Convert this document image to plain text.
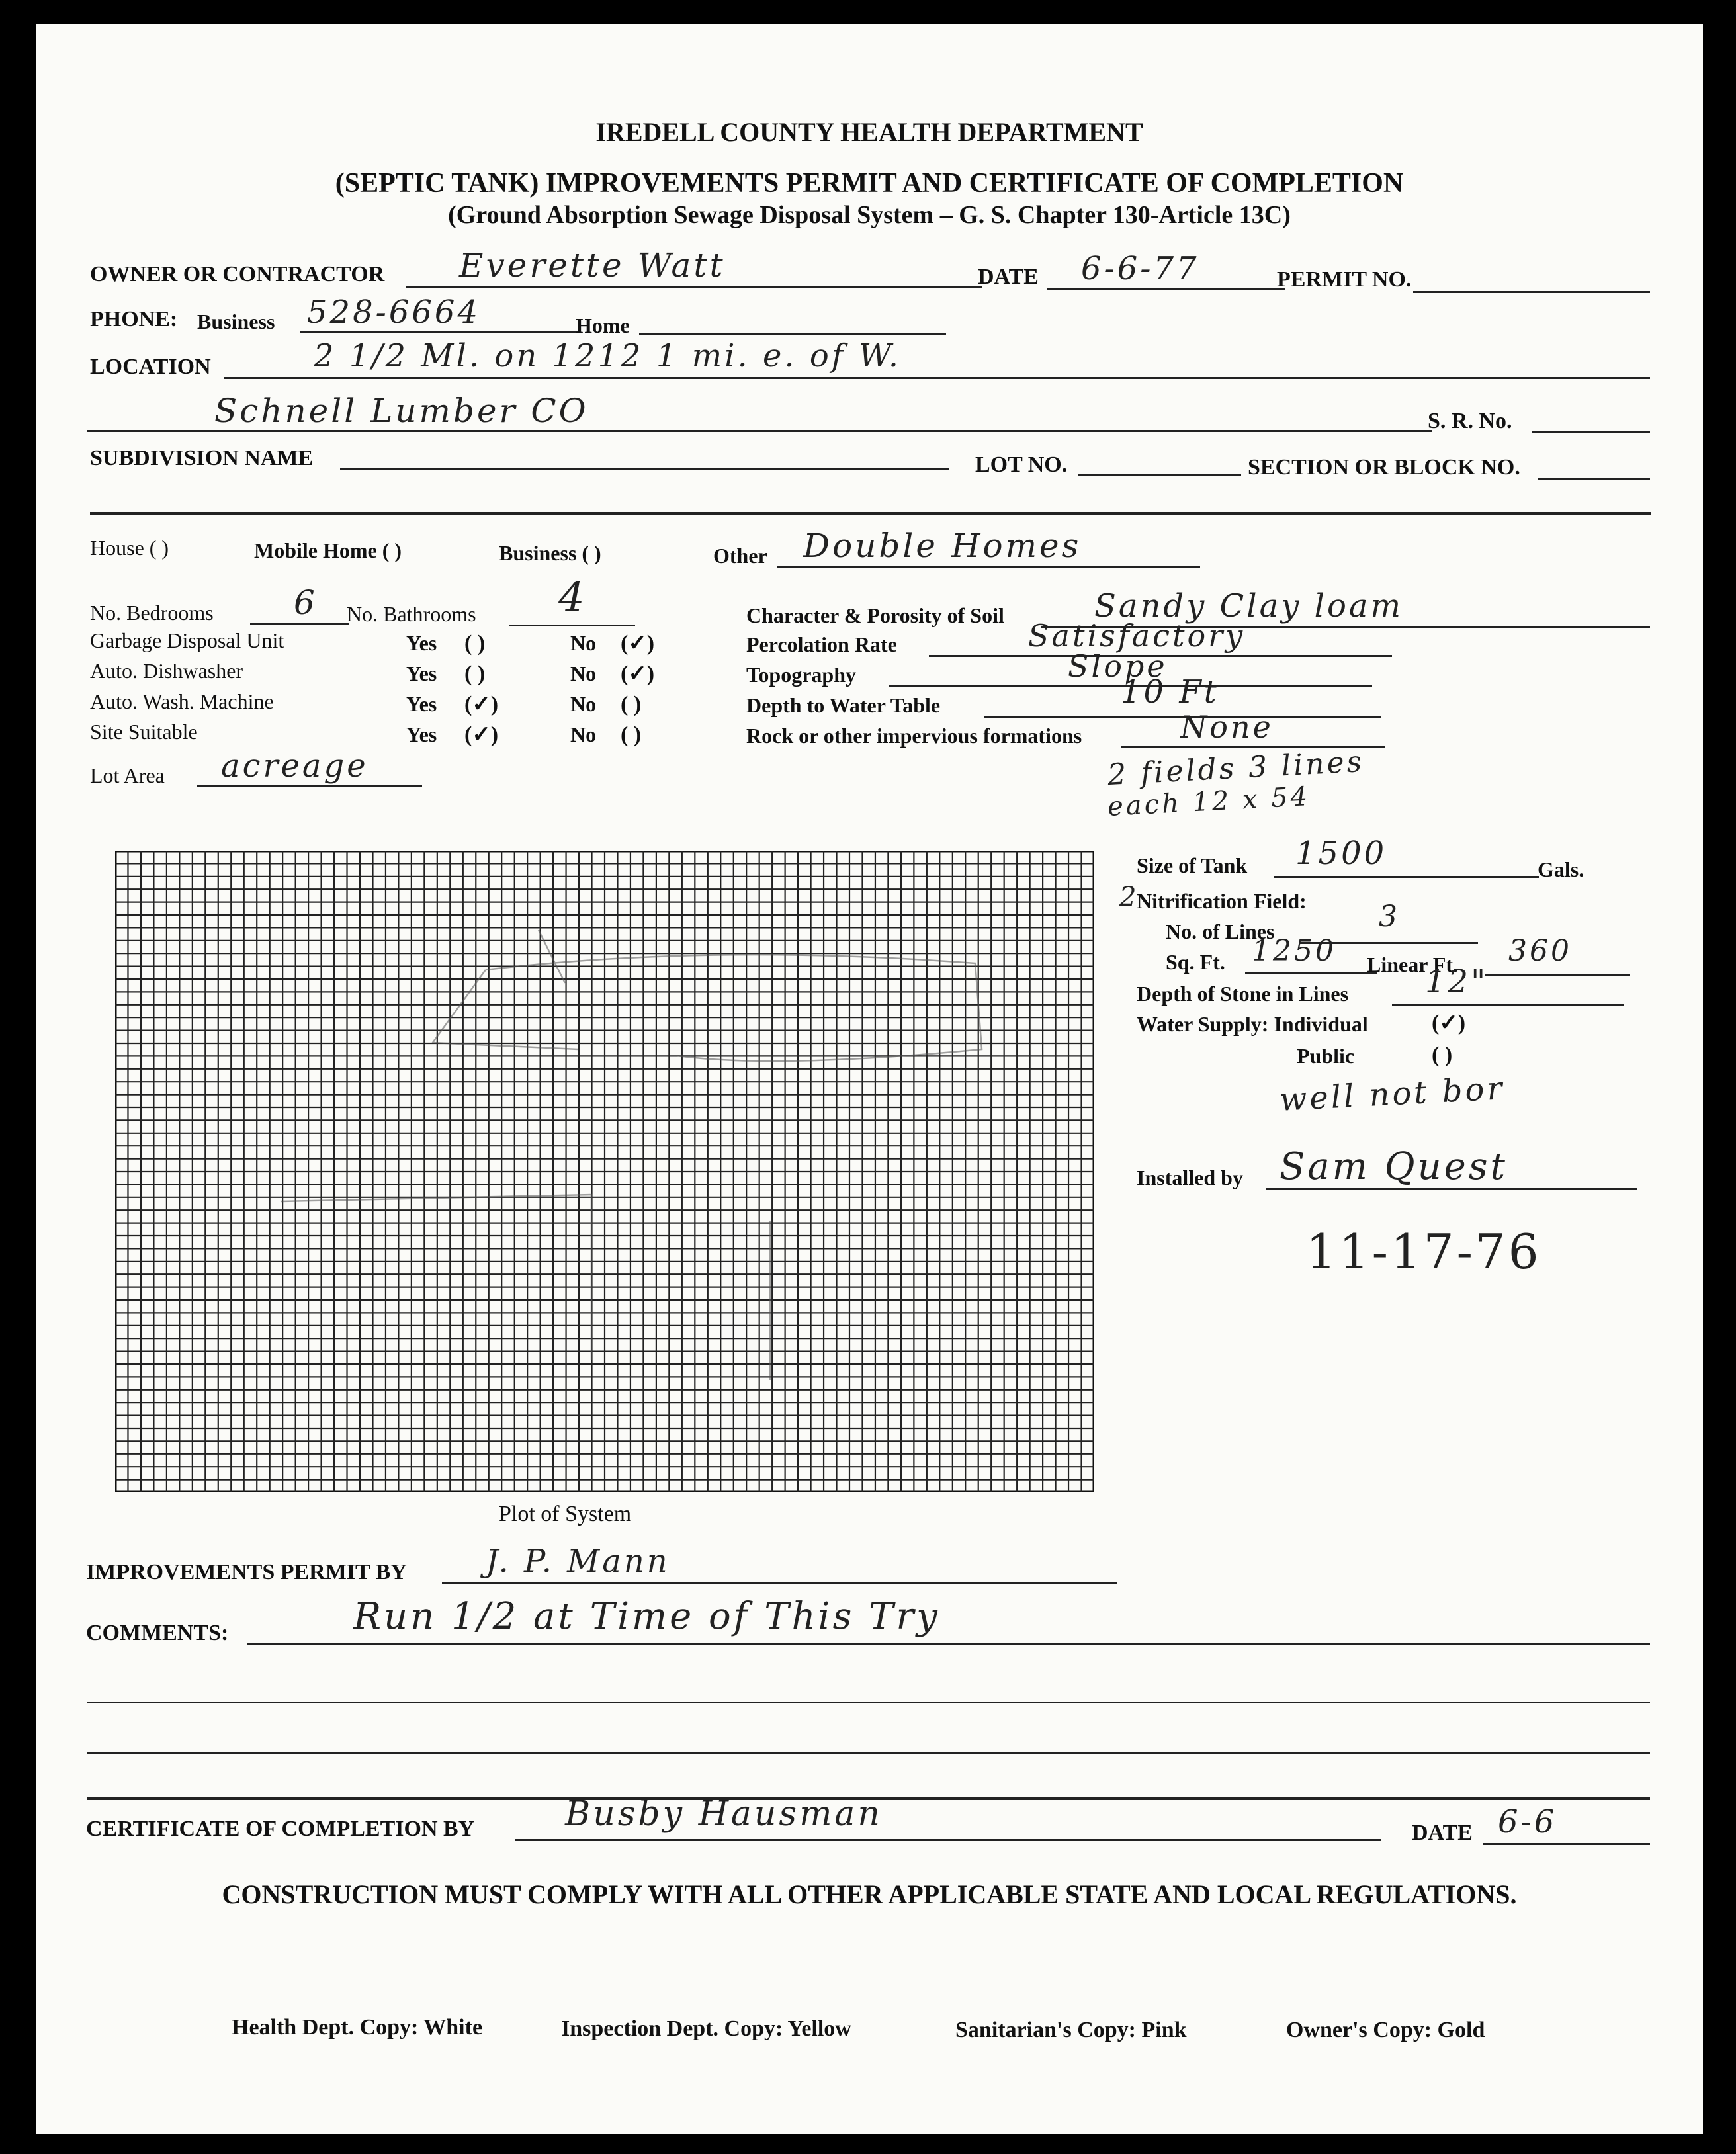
IREDELL COUNTY HEALTH DEPARTMENT
(SEPTIC TANK) IMPROVEMENTS PERMIT AND CERTIFICATE OF COMPLETION
(Ground Absorption Sewage Disposal System – G. S. Chapter 130-Article 13C)
OWNER OR CONTRACTOR Everette Watt	DATE 6-6-77	PERMIT NO.
PHONE: Business 528-6664	Home
LOCATION	2 1/2 Ml. on 1212 1 mi. e. of W.
Schnell Lumber CO	S. R. No.
SUBDIVISION NAME	LOT NO.	SECTION OR BLOCK NO.
House ( )	Mobile Home ( )	Business ( )	Other Double Homes
No. Bedrooms 6 No. Bathrooms 4
Garbage Disposal Unit	Yes ( )	No (✓)
Auto. Dishwasher	Yes ( )	No (✓)
Auto. Wash. Machine	Yes (✓)	No ( )
Site Suitable	Yes (✓)	No ( )
Character & Porosity of Soil	Sandy Clay loam
Percolation Rate	Satisfactory
Topography	Slope
Depth to Water Table	10 Ft
Rock or other impervious formations	None
Lot Area acreage	2 fields 3 lines
each 12 x 54
Size of Tank 1500	Gals.
2
Nitrification Field:
No. of Lines	3
Sq. Ft. 1250 Linear Ft. 360
Depth of Stone in Lines 12"
Water Supply: Individual	(✓)
Public	( )
well not bor
Installed by Sam Quest
11-17-76
Plot of System
IMPROVEMENTS PERMIT BY J. P. Mann
COMMENTS:	Run 1/2 at Time of This Try
CERTIFICATE OF COMPLETION BY	Busby Hausman	DATE 6-6
CONSTRUCTION MUST COMPLY WITH ALL OTHER APPLICABLE STATE AND LOCAL REGULATIONS.
Health Dept. Copy: White	Inspection Dept. Copy: Yellow	Sanitarian's Copy: Pink	Owner's Copy: Gold
